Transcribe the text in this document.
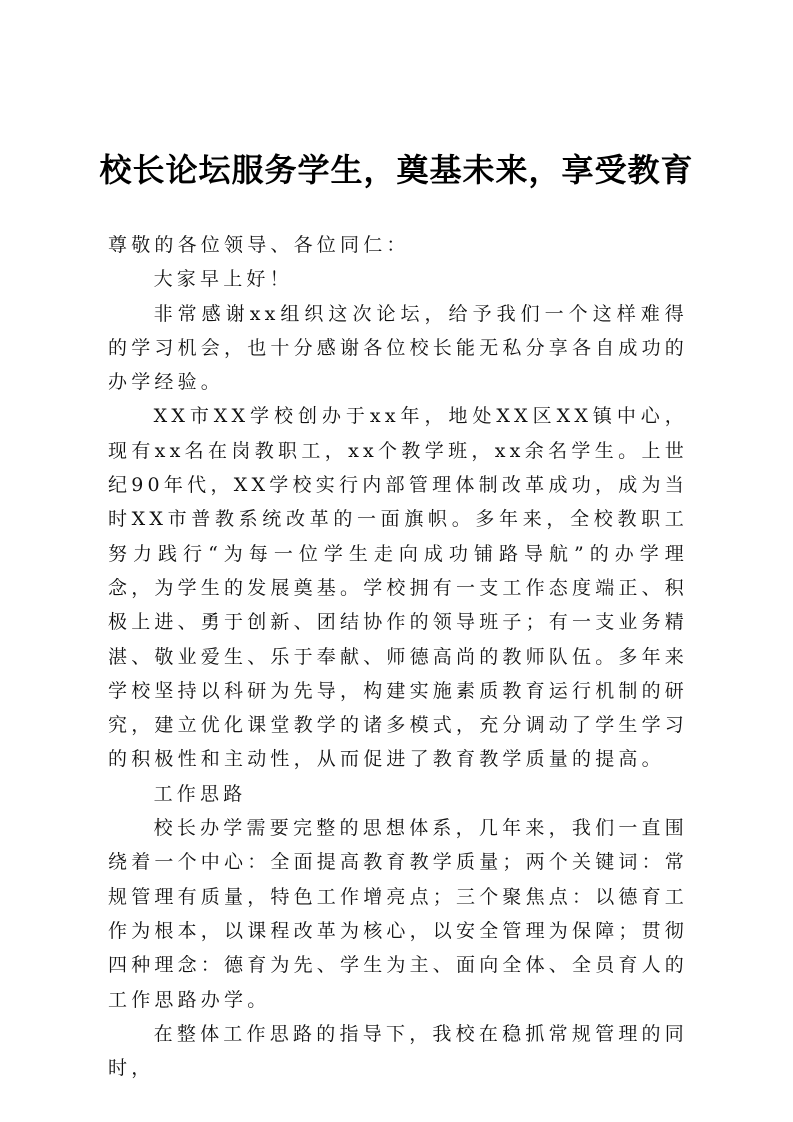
校长论坛服务学生，奠基未来，享受教育

尊敬的各位领导、各位同仁：

大家早上好！

非常感谢xx组织这次论坛，给予我们一个这样难得的学习机会，也十分感谢各位校长能无私分享各自成功的办学经验。

XX市XX学校创办于xx年，地处XX区XX镇中心，现有xx名在岗教职工，xx个教学班，xx余名学生。上世纪90年代，XX学校实行内部管理体制改革成功，成为当时XX市普教系统改革的一面旗帜。多年来，全校教职工努力践行“为每一位学生走向成功铺路导航”的办学理念，为学生的发展奠基。学校拥有一支工作态度端正、积极上进、勇于创新、团结协作的领导班子；有一支业务精湛、敬业爱生、乐于奉献、师德高尚的教师队伍。多年来学校坚持以科研为先导，构建实施素质教育运行机制的研究，建立优化课堂教学的诸多模式，充分调动了学生学习的积极性和主动性，从而促进了教育教学质量的提高。

工作思路

校长办学需要完整的思想体系，几年来，我们一直围绕着一个中心：全面提高教育教学质量；两个关键词：常规管理有质量，特色工作增亮点；三个聚焦点：以德育工作为根本，以课程改革为核心，以安全管理为保障；贯彻四种理念：德育为先、学生为主、面向全体、全员育人的工作思路办学。

在整体工作思路的指导下，我校在稳抓常规管理的同时，
